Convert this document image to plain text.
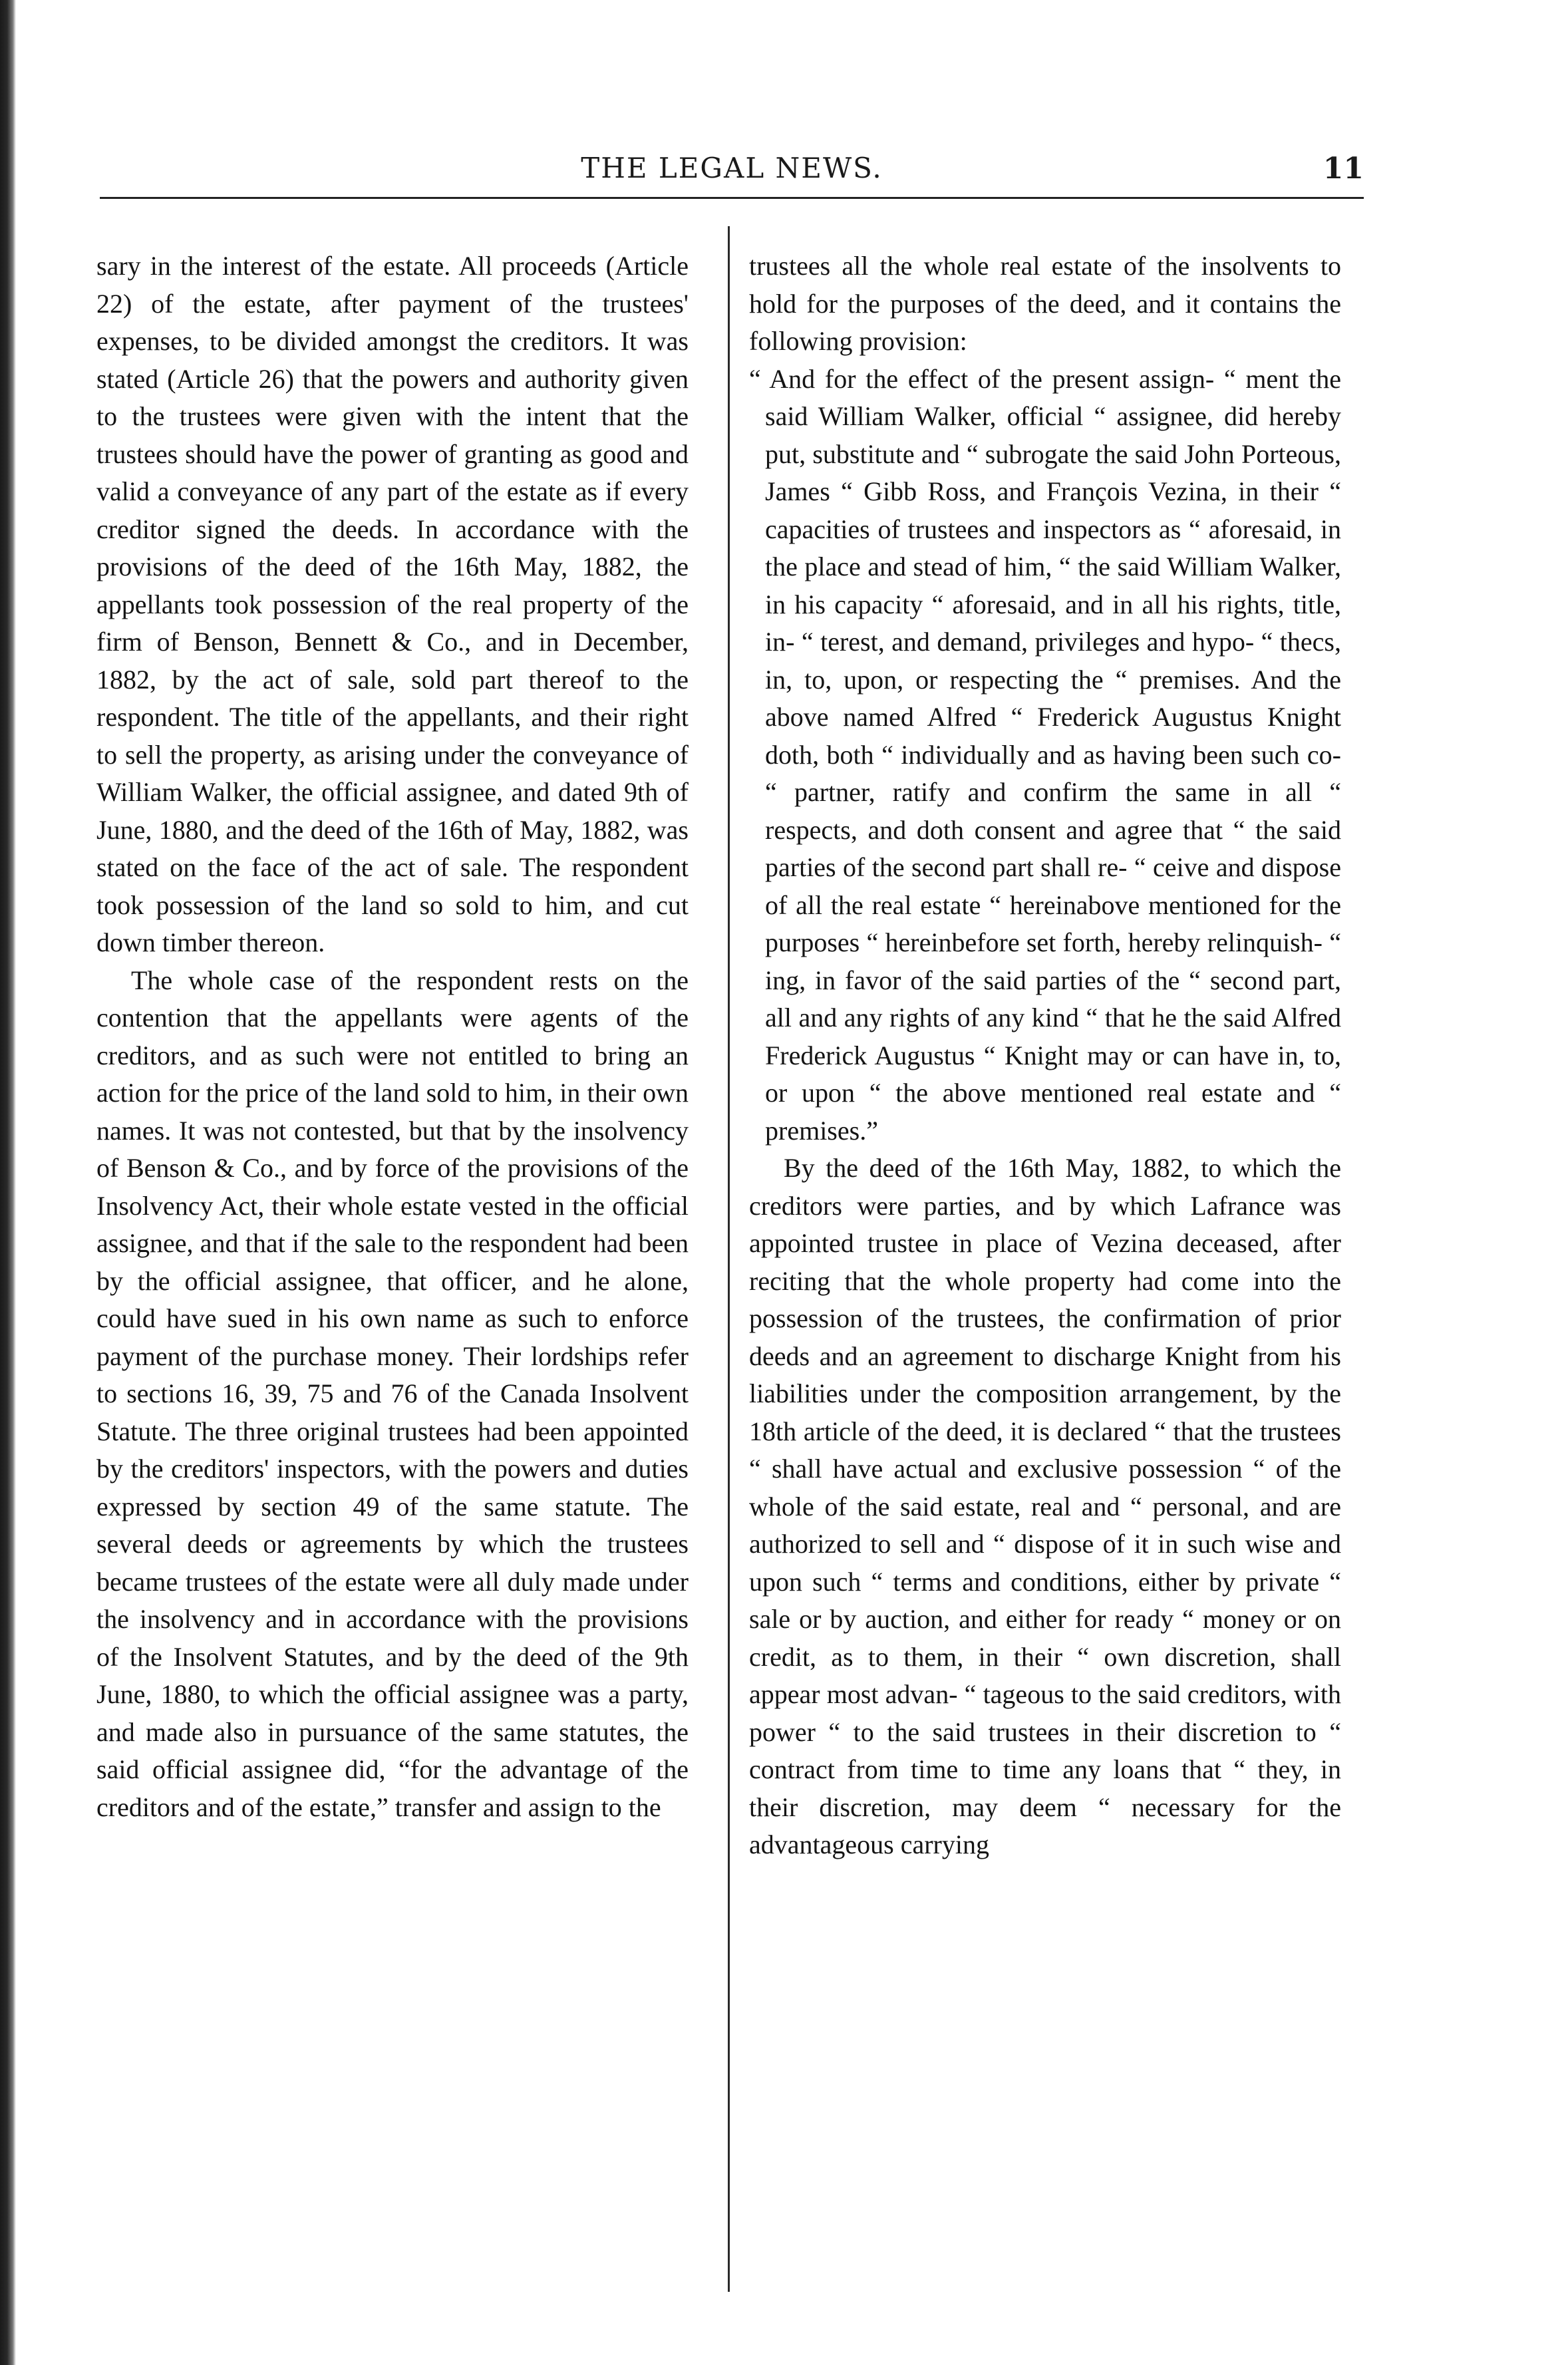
THE LEGAL NEWS.	11

sary in the interest of the estate. All proceeds (Article 22) of the estate, after payment of the trustees' expenses, to be divided amongst the creditors. It was stated (Article 26) that the powers and authority given to the trustees were given with the intent that the trustees should have the power of granting as good and valid a conveyance of any part of the estate as if every creditor signed the deeds. In accordance with the provisions of the deed of the 16th May, 1882, the appellants took possession of the real property of the firm of Benson, Bennett & Co., and in December, 1882, by the act of sale, sold part thereof to the respondent. The title of the appellants, and their right to sell the property, as arising under the conveyance of William Walker, the official assignee, and dated 9th of June, 1880, and the deed of the 16th of May, 1882, was stated on the face of the act of sale. The respondent took possession of the land so sold to him, and cut down timber thereon.

The whole case of the respondent rests on the contention that the appellants were agents of the creditors, and as such were not entitled to bring an action for the price of the land sold to him, in their own names. It was not contested, but that by the insolvency of Benson & Co., and by force of the provisions of the Insolvency Act, their whole estate vested in the official assignee, and that if the sale to the respondent had been by the official assignee, that officer, and he alone, could have sued in his own name as such to enforce payment of the purchase money. Their lordships refer to sections 16, 39, 75 and 76 of the Canada Insolvent Statute. The three original trustees had been appointed by the creditors' inspectors, with the powers and duties expressed by section 49 of the same statute. The several deeds or agreements by which the trustees became trustees of the estate were all duly made under the insolvency and in accordance with the provisions of the Insolvent Statutes, and by the deed of the 9th June, 1880, to which the official assignee was a party, and made also in pursuance of the same statutes, the said official assignee did, “for the advantage of the creditors and of the estate,” transfer and assign to the

trustees all the whole real estate of the insolvents to hold for the purposes of the deed, and it contains the following provision:

“ And for the effect of the present assign- “ ment the said William Walker, official “ assignee, did hereby put, substitute and “ subrogate the said John Porteous, James “ Gibb Ross, and François Vezina, in their “ capacities of trustees and inspectors as “ aforesaid, in the place and stead of him, “ the said William Walker, in his capacity “ aforesaid, and in all his rights, title, in- “ terest, and demand, privileges and hypo- “ thecs, in, to, upon, or respecting the “ premises. And the above named Alfred “ Frederick Augustus Knight doth, both “ individually and as having been such co- “ partner, ratify and confirm the same in all “ respects, and doth consent and agree that “ the said parties of the second part shall re- “ ceive and dispose of all the real estate “ hereinabove mentioned for the purposes “ hereinbefore set forth, hereby relinquish- “ ing, in favor of the said parties of the “ second part, all and any rights of any kind “ that he the said Alfred Frederick Augustus “ Knight may or can have in, to, or upon “ the above mentioned real estate and “ premises.”

By the deed of the 16th May, 1882, to which the creditors were parties, and by which Lafrance was appointed trustee in place of Vezina deceased, after reciting that the whole property had come into the possession of the trustees, the confirmation of prior deeds and an agreement to discharge Knight from his liabilities under the composition arrangement, by the 18th article of the deed, it is declared “ that the trustees “ shall have actual and exclusive possession “ of the whole of the said estate, real and “ personal, and are authorized to sell and “ dispose of it in such wise and upon such “ terms and conditions, either by private “ sale or by auction, and either for ready “ money or on credit, as to them, in their “ own discretion, shall appear most advan- “ tageous to the said creditors, with power “ to the said trustees in their discretion to “ contract from time to time any loans that “ they, in their discretion, may deem “ necessary for the advantageous carrying
